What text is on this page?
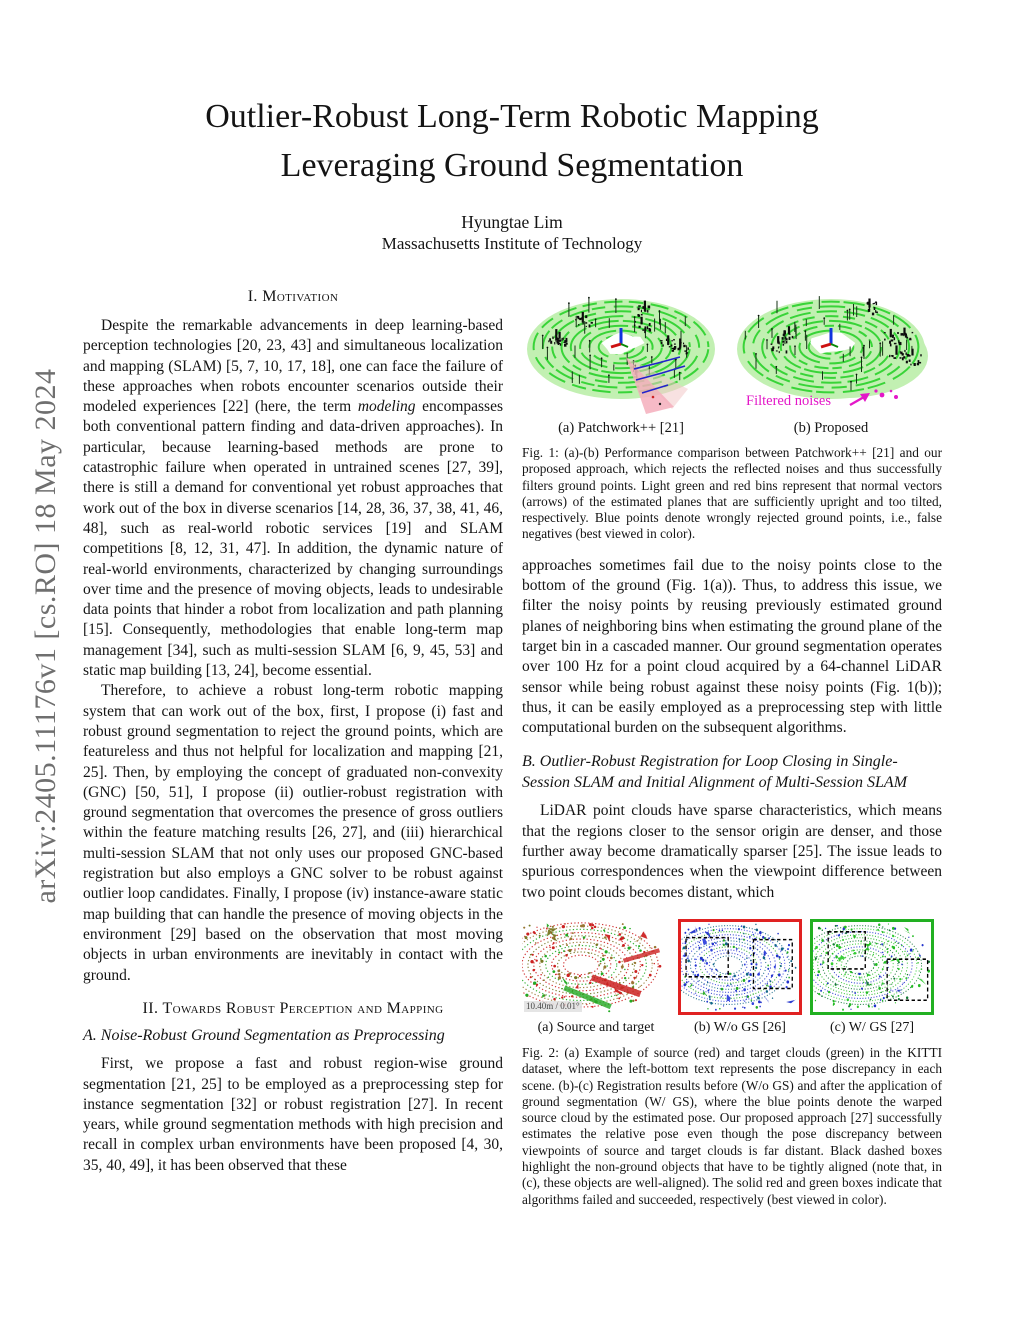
arXiv:2405.11176v1 [cs.RO] 18 May 2024
Outlier-Robust Long-Term Robotic Mapping
Leveraging Ground Segmentation
Hyungtae Lim
Massachusetts Institute of Technology
I. Motivation

Despite the remarkable advancements in deep learning-based perception technologies [20, 23, 43] and simultaneous localization and mapping (SLAM) [5, 7, 10, 17, 18], one can face the failure of these approaches when robots encounter scenarios outside their modeled experiences [22] (here, the term modeling encompasses both conventional pattern finding and data-driven approaches). In particular, because learning-based methods are prone to catastrophic failure when operated in untrained scenes [27, 39], there is still a demand for conventional yet robust approaches that work out of the box in diverse scenarios [14, 28, 36, 37, 38, 41, 46, 48], such as real-world robotic services [19] and SLAM competitions [8, 12, 31, 47]. In addition, the dynamic nature of real-world environments, characterized by changing surroundings over time and the presence of moving objects, leads to undesirable data points that hinder a robot from localization and path planning [15]. Consequently, methodologies that enable long-term map management [34], such as multi-session SLAM [6, 9, 45, 53] and static map building [13, 24], become essential.

Therefore, to achieve a robust long-term robotic mapping system that can work out of the box, first, I propose (i) fast and robust ground segmentation to reject the ground points, which are featureless and thus not helpful for localization and mapping [21, 25]. Then, by employing the concept of graduated non-convexity (GNC) [50, 51], I propose (ii) outlier-robust registration with ground segmentation that overcomes the presence of gross outliers within the feature matching results [26, 27], and (iii) hierarchical multi-session SLAM that not only uses our proposed GNC-based registration but also employs a GNC solver to be robust against outlier loop candidates. Finally, I propose (iv) instance-aware static map building that can handle the presence of moving objects in the environment [29] based on the observation that most moving objects in urban environments are inevitably in contact with the ground.

II. Towards Robust Perception and Mapping
A. Noise-Robust Ground Segmentation as Preprocessing

First, we propose a fast and robust region-wise ground segmentation [21, 25] to be employed as a preprocessing step for instance segmentation [32] or robust registration [27]. In recent years, while ground segmentation methods with high precision and recall in complex urban environments have been proposed [4, 30, 35, 40, 49], it has been observed that these

Filtered noises
(a) Patchwork++ [21]	(b) Proposed

Fig. 1: (a)-(b) Performance comparison between Patchwork++ [21] and our proposed approach, which rejects the reflected noises and thus successfully filters ground points. Light green and red bins represent that normal vectors (arrows) of the estimated planes that are sufficiently upright and too tilted, respectively. Blue points denote wrongly rejected ground points, i.e., false negatives (best viewed in color).

approaches sometimes fail due to the noisy points close to the bottom of the ground (Fig. 1(a)). Thus, to address this issue, we filter the noisy points by reusing previously estimated ground planes of neighboring bins when estimating the ground plane of the target bin in a cascaded manner. Our ground segmentation operates over 100 Hz for a point cloud acquired by a 64-channel LiDAR sensor while being robust against these noisy points (Fig. 1(b)); thus, it can be easily employed as a preprocessing step with little computational burden on the subsequent algorithms.

B. Outlier-Robust Registration for Loop Closing in Single-Session SLAM and Initial Alignment of Multi-Session SLAM

LiDAR point clouds have sparse characteristics, which means that the regions closer to the sensor origin are denser, and those further away become dramatically sparser [25]. The issue leads to spurious correspondences when the viewpoint difference between two point clouds becomes distant, which

10.40m / 0.01°
(a) Source and target	(b) W/o GS [26]	(c) W/ GS [27]

Fig. 2: (a) Example of source (red) and target clouds (green) in the KITTI dataset, where the left-bottom text represents the pose discrepancy in each scene. (b)-(c) Registration results before (W/o GS) and after the application of ground segmentation (W/ GS), where the blue points denote the warped source cloud by the estimated pose. Our proposed approach [27] successfully estimates the relative pose even though the pose discrepancy between viewpoints of source and target clouds is far distant. Black dashed boxes highlight the non-ground objects that have to be tightly aligned (note that, in (c), these objects are well-aligned). The solid red and green boxes indicate that algorithms failed and succeeded, respectively (best viewed in color).
